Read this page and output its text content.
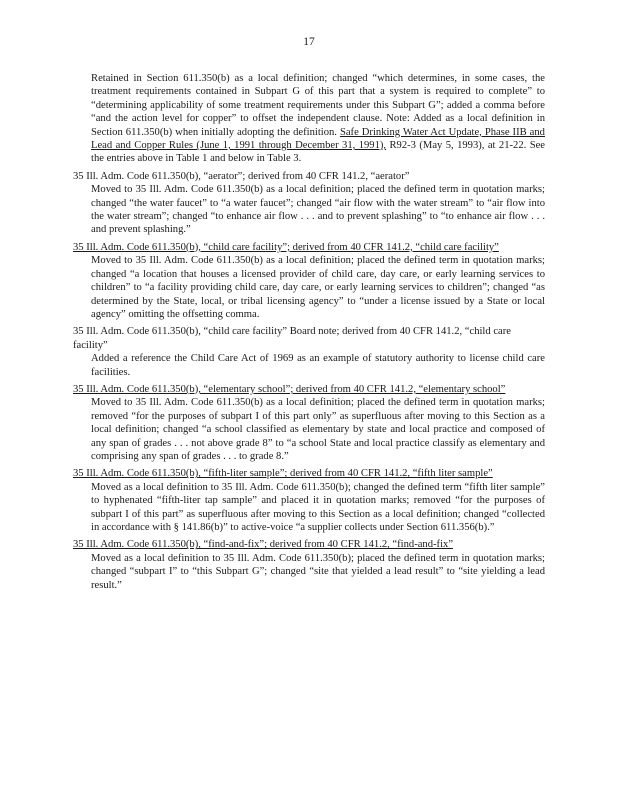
17
Retained in Section 611.350(b) as a local definition; changed “which determines, in some cases, the treatment requirements contained in Subpart G of this part that a system is required to complete” to “determining applicability of some treatment requirements under this Subpart G”; added a comma before “and the action level for copper” to offset the independent clause. Note: Added as a local definition in Section 611.350(b) when initially adopting the definition. Safe Drinking Water Act Update, Phase IIB and Lead and Copper Rules (June 1, 1991 through December 31, 1991), R92-3 (May 5, 1993), at 21-22. See the entries above in Table 1 and below in Table 3.
35 Ill. Adm. Code 611.350(b), “aerator”; derived from 40 CFR 141.2, “aerator”
Moved to 35 Ill. Adm. Code 611.350(b) as a local definition; placed the defined term in quotation marks; changed “the water faucet” to “a water faucet”; changed “air flow with the water stream” to “air flow into the water stream”; changed “to enhance air flow . . . and to prevent splashing” to “to enhance air flow . . . and prevent splashing.”
35 Ill. Adm. Code 611.350(b), “child care facility”; derived from 40 CFR 141.2, “child care facility”
Moved to 35 Ill. Adm. Code 611.350(b) as a local definition; placed the defined term in quotation marks; changed “a location that houses a licensed provider of child care, day care, or early learning services to children” to “a facility providing child care, day care, or early learning services to children”; changed “as determined by the State, local, or tribal licensing agency” to “under a license issued by a State or local agency” omitting the offsetting comma.
35 Ill. Adm. Code 611.350(b), “child care facility” Board note; derived from 40 CFR 141.2, “child care facility”
Added a reference the Child Care Act of 1969 as an example of statutory authority to license child care facilities.
35 Ill. Adm. Code 611.350(b), “elementary school”; derived from 40 CFR 141.2, “elementary school”
Moved to 35 Ill. Adm. Code 611.350(b) as a local definition; placed the defined term in quotation marks; removed “for the purposes of subpart I of this part only” as superfluous after moving to this Section as a local definition; changed “a school classified as elementary by state and local practice and composed of any span of grades . . . not above grade 8” to “a school State and local practice classify as elementary and comprising any span of grades . . . to grade 8.”
35 Ill. Adm. Code 611.350(b), “fifth-liter sample”; derived from 40 CFR 141.2, “fifth liter sample”
Moved as a local definition to 35 Ill. Adm. Code 611.350(b); changed the defined term “fifth liter sample” to hyphenated “fifth-liter tap sample” and placed it in quotation marks; removed “for the purposes of subpart I of this part” as superfluous after moving to this Section as a local definition; changed “collected in accordance with § 141.86(b)” to active-voice “a supplier collects under Section 611.356(b).”
35 Ill. Adm. Code 611.350(b), “find-and-fix”; derived from 40 CFR 141.2, “find-and-fix”
Moved as a local definition to 35 Ill. Adm. Code 611.350(b); placed the defined term in quotation marks; changed “subpart I” to “this Subpart G”; changed “site that yielded a lead result” to “site yielding a lead result.”
